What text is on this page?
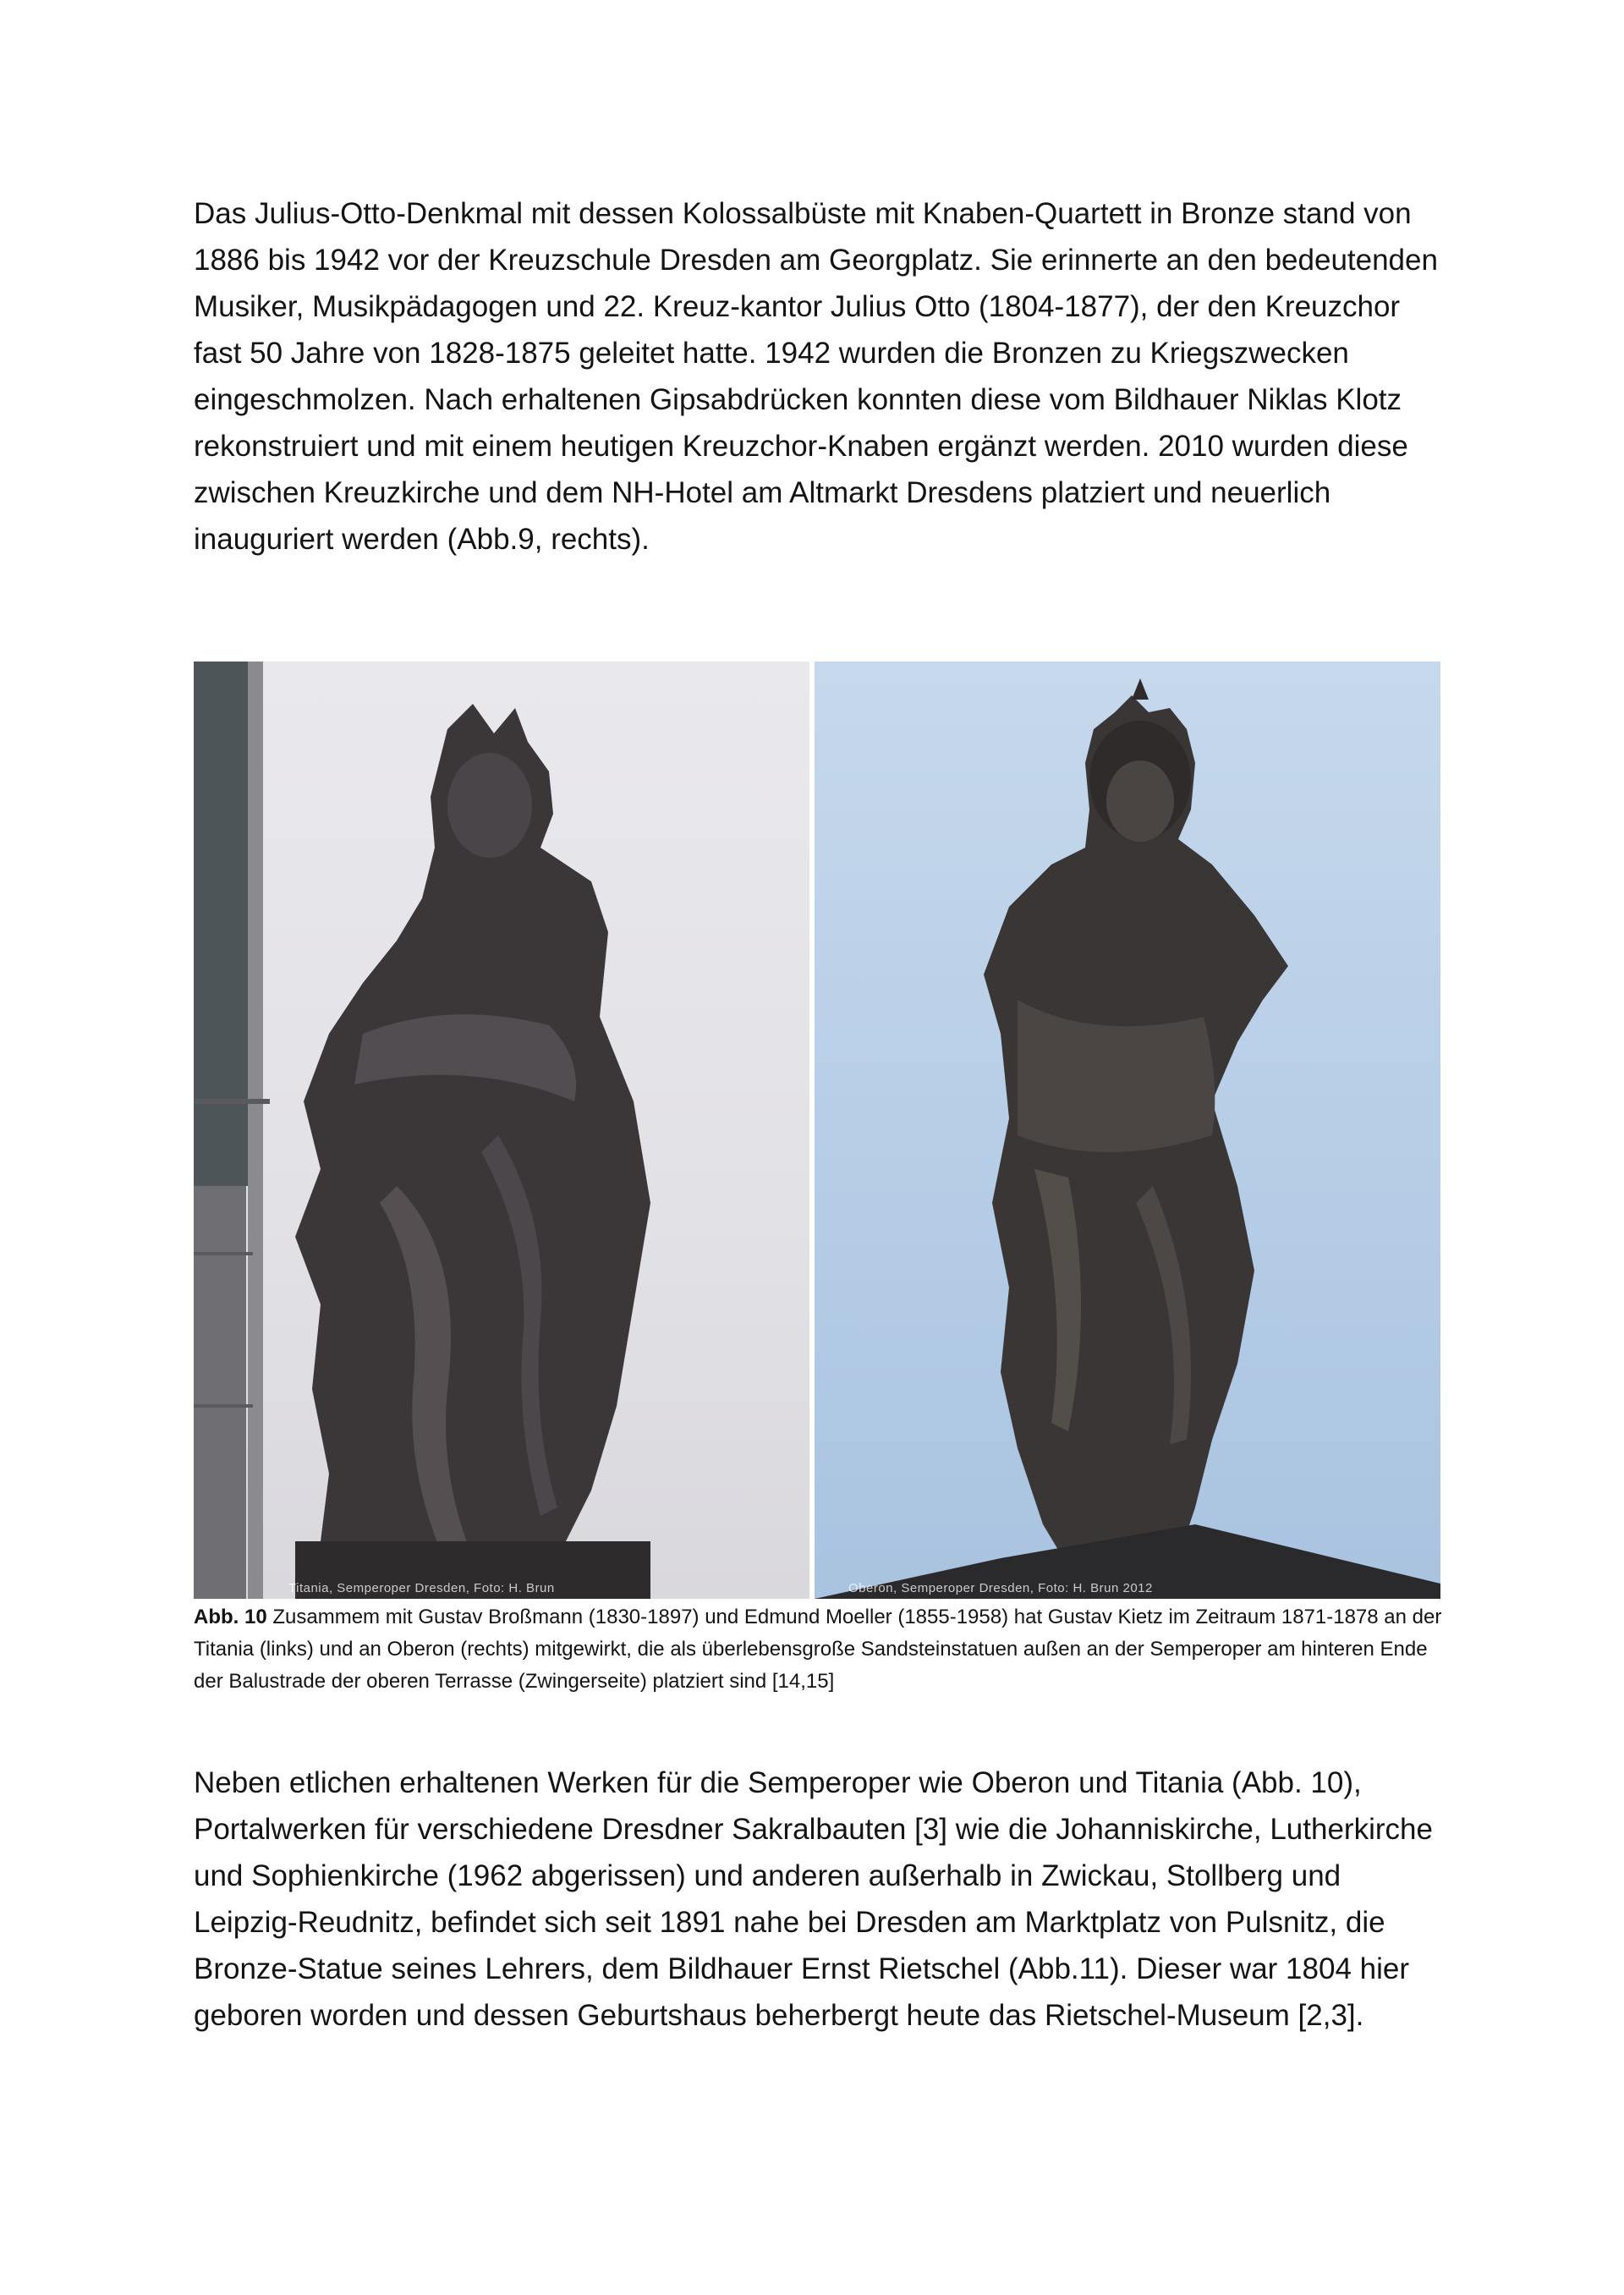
Das Julius-Otto-Denkmal mit dessen Kolossalbüste mit Knaben-Quartett in Bronze stand von 1886 bis 1942 vor der Kreuzschule Dresden am Georgplatz. Sie erinnerte an den bedeutenden Musiker, Musikpädagogen und 22. Kreuz-kantor Julius Otto (1804-1877), der den Kreuzchor fast 50 Jahre von 1828-1875 geleitet hatte. 1942 wurden die Bronzen zu Kriegszwecken eingeschmolzen. Nach erhaltenen Gipsabdrücken konnten diese vom Bildhauer Niklas Klotz rekonstruiert und mit einem heutigen Kreuzchor-Knaben ergänzt werden. 2010 wurden diese zwischen Kreuzkirche und dem NH-Hotel am Altmarkt Dresdens platziert und neuerlich inauguriert werden (Abb.9, rechts).

Titania, Semperoper Dresden, Foto: H. Brun	Oberon, Semperoper Dresden, Foto: H. Brun 2012

Abb. 10 Zusammem mit Gustav Broßmann (1830-1897) und Edmund Moeller (1855-1958) hat Gustav Kietz im Zeitraum 1871-1878 an der Titania (links) und an Oberon (rechts) mitgewirkt, die als überlebensgroße Sandsteinstatuen außen an der Semperoper am hinteren Ende der Balustrade der oberen Terrasse (Zwingerseite) platziert sind [14,15]

Neben etlichen erhaltenen Werken für die Semperoper wie Oberon und Titania (Abb. 10), Portalwerken für verschiedene Dresdner Sakralbauten [3] wie die Johanniskirche, Lutherkirche und Sophienkirche (1962 abgerissen) und anderen außerhalb in Zwickau, Stollberg und Leipzig-Reudnitz, befindet sich seit 1891 nahe bei Dresden am Marktplatz von Pulsnitz, die Bronze-Statue seines Lehrers, dem Bildhauer Ernst Rietschel (Abb.11). Dieser war 1804 hier geboren worden und dessen Geburtshaus beherbergt heute das Rietschel-Museum [2,3].
